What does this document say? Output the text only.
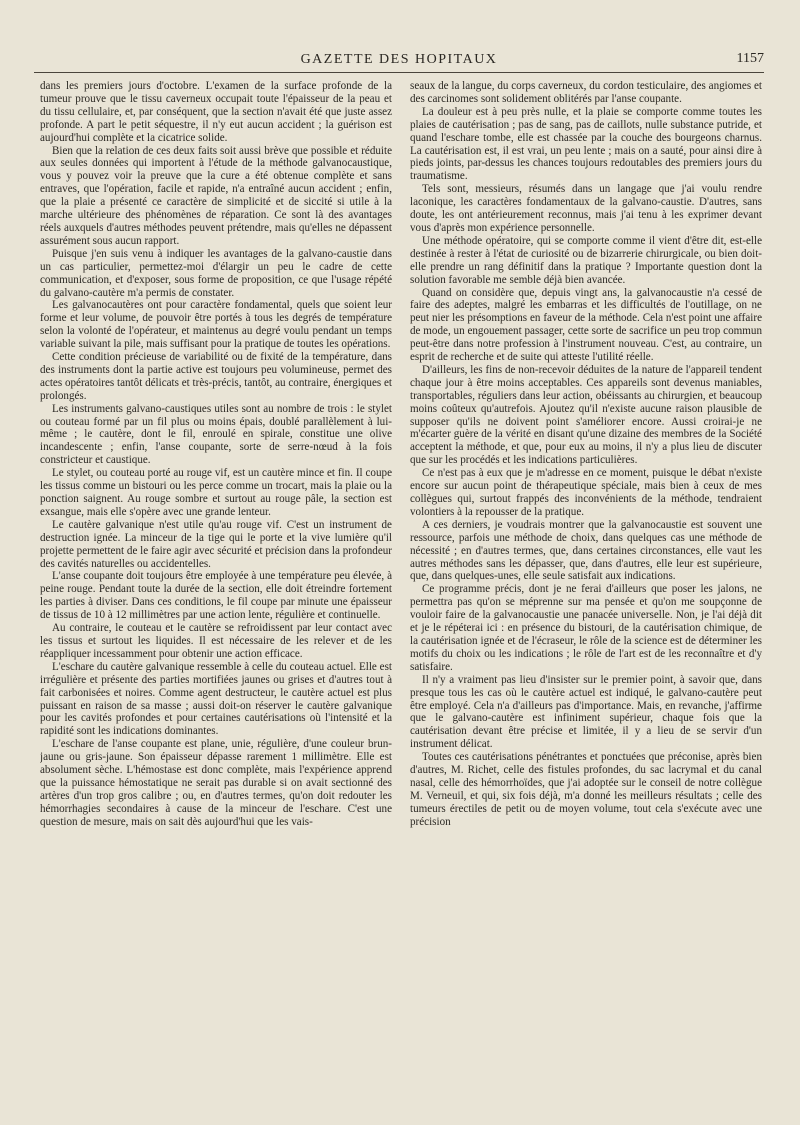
GAZETTE DES HOPITAUX	1157

dans les premiers jours d'octobre. L'examen de la surface profonde de la tumeur prouve que le tissu caverneux occupait toute l'épaisseur de la peau et du tissu cellulaire, et, par conséquent, que la section n'avait été que juste assez profonde. A part le petit séquestre, il n'y eut aucun accident ; la guérison est aujourd'hui complète et la cicatrice solide.

Bien que la relation de ces deux faits soit aussi brève que possible et réduite aux seules données qui importent à l'étude de la méthode galvanocaustique, vous y pouvez voir la preuve que la cure a été obtenue complète et sans entraves, que l'opération, facile et rapide, n'a entraîné aucun accident ; enfin, que la plaie a présenté ce caractère de simplicité et de siccité si utile à la marche ultérieure des phénomènes de réparation. Ce sont là des avantages réels auxquels d'autres méthodes peuvent prétendre, mais qu'elles ne dépassent assurément sous aucun rapport.

Puisque j'en suis venu à indiquer les avantages de la galvano-caustie dans un cas particulier, permettez-moi d'élargir un peu le cadre de cette communication, et d'exposer, sous forme de proposition, ce que l'usage répété du galvano-cautère m'a permis de constater.

Les galvanocautères ont pour caractère fondamental, quels que soient leur forme et leur volume, de pouvoir être portés à tous les degrés de température selon la volonté de l'opérateur, et maintenus au degré voulu pendant un temps variable suivant la pile, mais suffisant pour la pratique de toutes les opérations.

Cette condition précieuse de variabilité ou de fixité de la température, dans des instruments dont la partie active est toujours peu volumineuse, permet des actes opératoires tantôt délicats et très-précis, tantôt, au contraire, énergiques et prolongés.

Les instruments galvano-caustiques utiles sont au nombre de trois : le stylet ou couteau formé par un fil plus ou moins épais, doublé parallèlement à lui-même ; le cautère, dont le fil, enroulé en spirale, constitue une olive incandescente ; enfin, l'anse coupante, sorte de serre-nœud à la fois constricteur et caustique.

Le stylet, ou couteau porté au rouge vif, est un cautère mince et fin. Il coupe les tissus comme un bistouri ou les perce comme un trocart, mais la plaie ou la ponction saignent. Au rouge sombre et surtout au rouge pâle, la section est exsangue, mais elle s'opère avec une grande lenteur.

Le cautère galvanique n'est utile qu'au rouge vif. C'est un instrument de destruction ignée. La minceur de la tige qui le porte et la vive lumière qu'il projette permettent de le faire agir avec sécurité et précision dans la profondeur des cavités naturelles ou accidentelles.

L'anse coupante doit toujours être employée à une température peu élevée, à peine rouge. Pendant toute la durée de la section, elle doit étreindre fortement les parties à diviser. Dans ces conditions, le fil coupe par minute une épaisseur de tissus de 10 à 12 millimètres par une action lente, régulière et continuelle.

Au contraire, le couteau et le cautère se refroidissent par leur contact avec les tissus et surtout les liquides. Il est nécessaire de les relever et de les réappliquer incessamment pour obtenir une action efficace.

L'eschare du cautère galvanique ressemble à celle du couteau actuel. Elle est irrégulière et présente des parties mortifiées jaunes ou grises et d'autres tout à fait carbonisées et noires. Comme agent destructeur, le cautère actuel est plus puissant en raison de sa masse ; aussi doit-on réserver le cautère galvanique pour les cavités profondes et pour certaines cautérisations où l'intensité et la rapidité sont les indications dominantes.

L'eschare de l'anse coupante est plane, unie, régulière, d'une couleur brun-jaune ou gris-jaune. Son épaisseur dépasse rarement 1 millimètre. Elle est absolument sèche. L'hémostase est donc complète, mais l'expérience apprend que la puissance hémostatique ne serait pas durable si on avait sectionné des artères d'un trop gros calibre ; ou, en d'autres termes, qu'on doit redouter les hémorrhagies secondaires à cause de la minceur de l'eschare. C'est une question de mesure, mais on sait dès aujourd'hui que les vais-

seaux de la langue, du corps caverneux, du cordon testiculaire, des angiomes et des carcinomes sont solidement oblitérés par l'anse coupante.

La douleur est à peu près nulle, et la plaie se comporte comme toutes les plaies de cautérisation ; pas de sang, pas de caillots, nulle substance putride, et quand l'eschare tombe, elle est chassée par la couche des bourgeons charnus. La cautérisation est, il est vrai, un peu lente ; mais on a sauté, pour ainsi dire à pieds joints, par-dessus les chances toujours redoutables des premiers jours du traumatisme.

Tels sont, messieurs, résumés dans un langage que j'ai voulu rendre laconique, les caractères fondamentaux de la galvano-caustie. D'autres, sans doute, les ont antérieurement reconnus, mais j'ai tenu à les exprimer devant vous d'après mon expérience personnelle.

Une méthode opératoire, qui se comporte comme il vient d'être dit, est-elle destinée à rester à l'état de curiosité ou de bizarrerie chirurgicale, ou bien doit-elle prendre un rang définitif dans la pratique ? Importante question dont la solution favorable me semble déjà bien avancée.

Quand on considère que, depuis vingt ans, la galvanocaustie n'a cessé de faire des adeptes, malgré les embarras et les difficultés de l'outillage, on ne peut nier les présomptions en faveur de la méthode. Cela n'est point une affaire de mode, un engouement passager, cette sorte de sacrifice un peu trop commun peut-être dans notre profession à l'instrument nouveau. C'est, au contraire, un esprit de recherche et de suite qui atteste l'utilité réelle.

D'ailleurs, les fins de non-recevoir déduites de la nature de l'appareil tendent chaque jour à être moins acceptables. Ces appareils sont devenus maniables, transportables, réguliers dans leur action, obéissants au chirurgien, et beaucoup moins coûteux qu'autrefois. Ajoutez qu'il n'existe aucune raison plausible de supposer qu'ils ne doivent point s'améliorer encore. Aussi croirai-je ne m'écarter guère de la vérité en disant qu'une dizaine des membres de la Société acceptent la méthode, et que, pour eux au moins, il n'y a plus lieu de discuter que sur les procédés et les indications particulières.

Ce n'est pas à eux que je m'adresse en ce moment, puisque le débat n'existe encore sur aucun point de thérapeutique spéciale, mais bien à ceux de mes collègues qui, surtout frappés des inconvénients de la méthode, tendraient volontiers à la repousser de la pratique.

A ces derniers, je voudrais montrer que la galvanocaustie est souvent une ressource, parfois une méthode de choix, dans quelques cas une méthode de nécessité ; en d'autres termes, que, dans certaines circonstances, elle vaut les autres méthodes sans les dépasser, que, dans d'autres, elle leur est supérieure, que, dans quelques-unes, elle seule satisfait aux indications.

Ce programme précis, dont je ne ferai d'ailleurs que poser les jalons, ne permettra pas qu'on se méprenne sur ma pensée et qu'on me soupçonne de vouloir faire de la galvanocaustie une panacée universelle. Non, je l'ai déjà dit et je le répéterai ici : en présence du bistouri, de la cautérisation chimique, de la cautérisation ignée et de l'écraseur, le rôle de la science est de déterminer les motifs du choix ou les indications ; le rôle de l'art est de les reconnaître et d'y satisfaire.

Il n'y a vraiment pas lieu d'insister sur le premier point, à savoir que, dans presque tous les cas où le cautère actuel est indiqué, le galvano-cautère peut être employé. Cela n'a d'ailleurs pas d'importance. Mais, en revanche, j'affirme que le galvano-cautère est infiniment supérieur, chaque fois que la cautérisation devant être précise et limitée, il y a lieu de se servir d'un instrument délicat.

Toutes ces cautérisations pénétrantes et ponctuées que préconise, après bien d'autres, M. Richet, celle des fistules profondes, du sac lacrymal et du canal nasal, celle des hémorrhoïdes, que j'ai adoptée sur le conseil de notre collègue M. Verneuil, et qui, six fois déjà, m'a donné les meilleurs résultats ; celle des tumeurs érectiles de petit ou de moyen volume, tout cela s'exécute avec une précision
